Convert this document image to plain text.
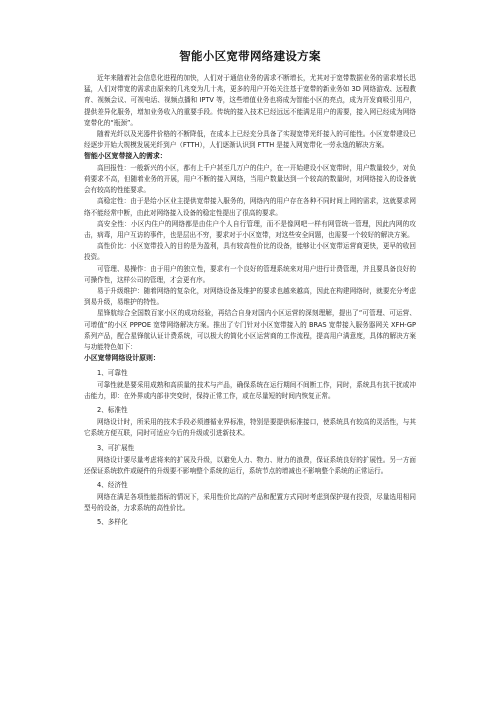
智能小区宽带网络建设方案

近年来随着社会信息化进程的加快，人们对于通信业务的需求不断增长，尤其对于宽带数据业务的需求增长迅猛，人们对带宽的需求由原来的几兆变为几十兆，更多的用户开始关注基于宽带的新业务如 3D 网络游戏、远程教育、视频会议、可视电话、视频点播和 IPTV 等，这些增值业务也将成为智能小区的亮点，成为开发商吸引用户，提供差异化服务，增加业务收入的重要手段。传统的接入技术已经远远不能满足用户的需要，接入网已经成为网络宽带化的“瓶颈”。

随着光纤以及光器件价格的不断降低，在成本上已经充分具备了实现宽带光纤接入的可能性。小区宽带建设已经逐步开始大规模发展光纤到户（FTTH），人们逐渐认识到 FTTH 是接入网宽带化一劳永逸的解决方案。

智能小区宽带接入的需求：

高回报性：一般新兴的小区，都有上千户甚至几万户的住户，在一开始建设小区宽带时，用户数量较少，对负荷要求不高，但随着业务的开展，用户不断的接入网络，当用户数量达到一个较高的数量时，对网络接入的设备就会有较高的性能要求。

高稳定性：由于是给小区业主提供宽带接入服务的，网络内的用户存在各种不同时间上网的需求，这就要求网络不能经常中断，由此对网络接入设备的稳定性提出了很高的要求。

高安全性：小区内住户的网络都是由住户个人自行管理，而不是像网吧一样有网管统一管理，因此内网的攻击，病毒，用户互访的事件，也是层出不穷，要求对于小区宽带，对这些安全问题，也需要一个较好的解决方案。

高性价比：小区宽带投入的目的是为盈利，具有较高性价比的设备，能够让小区宽带运营商更快，更早的收回投资。

可管理、易操作：由于用户的独立性，要求有一个良好的管理系统来对用户进行计费管理，并且要具备良好的可操作性，这样公司的管理，才会更有序。

易于升级维护：随着网络的复杂化，对网络设备及维护的要求也越来越高，因此在构建网络时，就要充分考虑到易升级，易维护的特性。

星锋航综合全国数百家小区的成功经验，再结合自身对国内小区运营的深刻理解，提出了“可管理、可运营、可增值”的小区 PPPOE 宽带网络解决方案。推出了专门针对小区宽带接入的 BRAS 宽带接入服务器网关 XFH-GP 系列产品，配合星锋航认证计费系统，可以极大的简化小区运营商的工作流程，提高用户满意度，具体的解决方案与功能特色如下：

小区宽带网络设计原则：
1、可靠性

可靠性就是要采用成熟和高质量的技术与产品，确保系统在运行期间不间断工作，同时，系统具有抗干扰或冲击能力，即：在外界或内部非突变时，保持正常工作，或在尽量短的时间内恢复正常。

2、标准性

网络设计时，所采用的技术手段必须遵循业界标准，特别是要提供标准接口，使系统具有较高的灵活性，与其它系统方便互联，同时可适应今后的升级或引进新技术。

3、可扩展性

网络设计要尽量考虑将来的扩展及升级，以避免人力、物力、财力的浪费，保证系统良好的扩展性。另一方面还保证系统软件或硬件的升级要不影响整个系统的运行，系统节点的增减也不影响整个系统的正常运行。

4、经济性

网络在满足各项性能指标的情况下，采用性价比高的产品和配置方式同时考虑到保护现有投资，尽量选用相同型号的设备，力求系统的高性价比。

5、多样化
